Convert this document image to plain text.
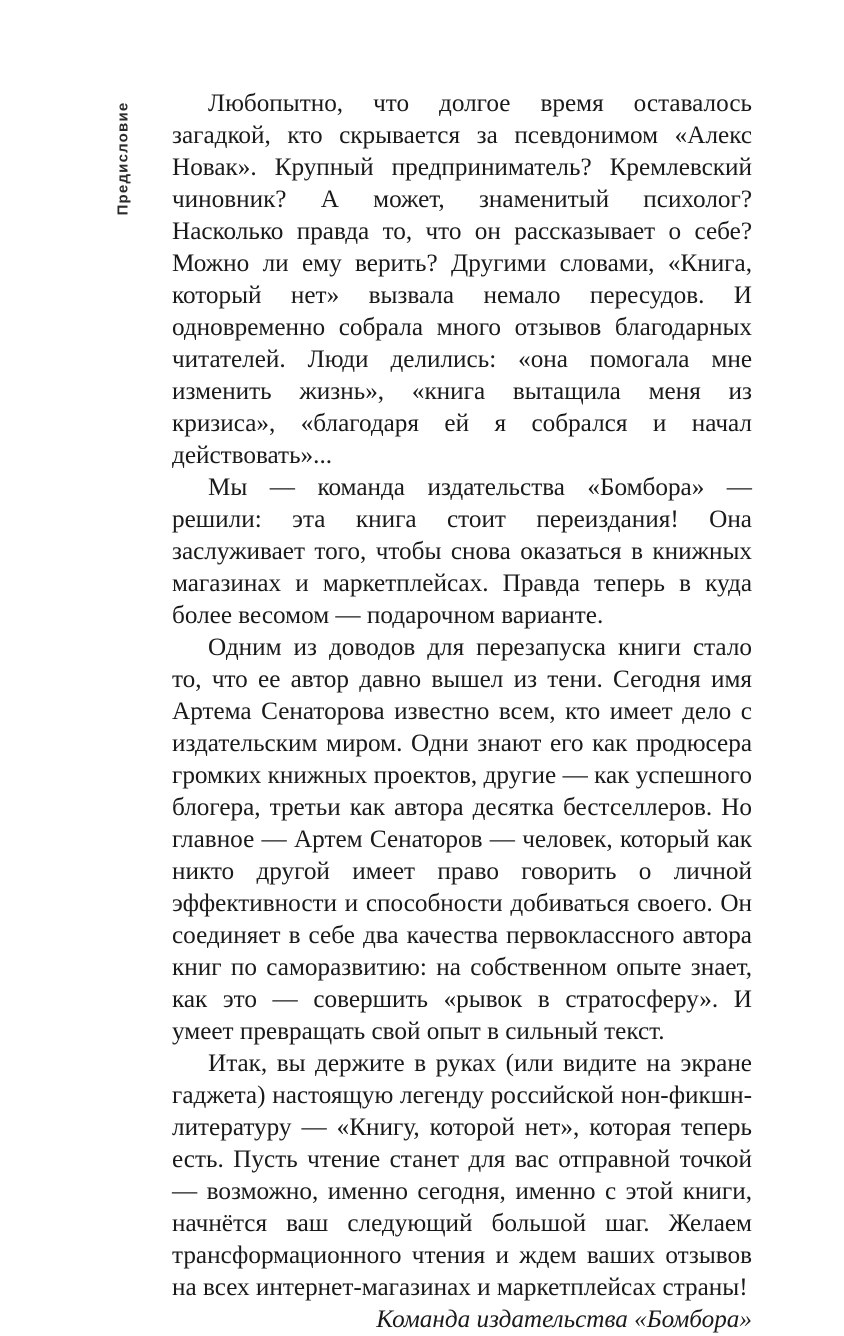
Предисловие	Любопытно, что долгое время оставалось загадкой, кто скрывается за псевдонимом «Алекс Новак». Крупный предприниматель? Кремлевский чиновник? А может, знаменитый психолог? Насколько правда то, что он рассказывает о себе? Можно ли ему верить? Другими словами, «Книга, который нет» вызвала немало пересудов. И одновременно собрала много отзывов благодарных читателей. Люди делились: «она помогала мне изменить жизнь», «книга вытащила меня из кризиса», «благодаря ей я собрался и начал действовать»...

Мы — команда издательства «Бомбора» — решили: эта книга стоит переиздания! Она заслуживает того, чтобы снова оказаться в книжных магазинах и маркетплейсах. Правда теперь в куда более весомом — подарочном варианте.

Одним из доводов для перезапуска книги стало то, что ее автор давно вышел из тени. Сегодня имя Артема Сенаторова известно всем, кто имеет дело с издательским миром. Одни знают его как продюсера громких книжных проектов, другие — как успешного блогера, третьи как автора десятка бестселлеров. Но главное — Артем Сенаторов — человек, который как никто другой имеет право говорить о личной эффективности и способности добиваться своего. Он соединяет в себе два качества первоклассного автора книг по саморазвитию: на собственном опыте знает, как это — совершить «рывок в стратосферу». И умеет превращать свой опыт в сильный текст.

Итак, вы держите в руках (или видите на экране гаджета) настоящую легенду российской нон-фикшн-литературу — «Книгу, которой нет», которая теперь есть. Пусть чтение станет для вас отправной точкой — возможно, именно сегодня, именно с этой книги, начнётся ваш следующий большой шаг. Желаем трансформационного чтения и ждем ваших отзывов на всех интернет-магазинах и маркетплейсах страны!

Команда издательства «Бомбора»
